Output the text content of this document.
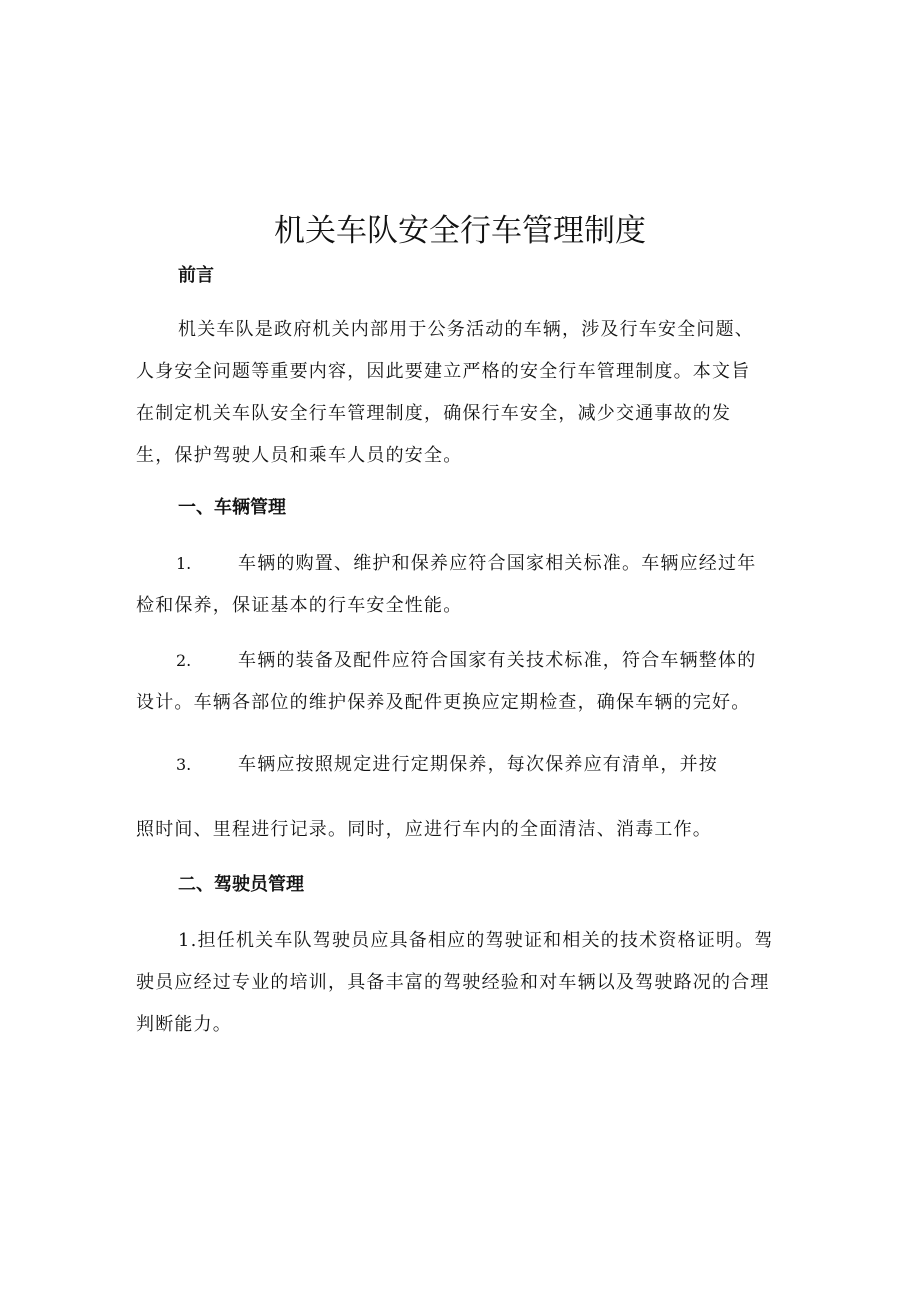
机关车队安全行车管理制度
前言
机关车队是政府机关内部用于公务活动的车辆，涉及行车安全问题、
人身安全问题等重要内容，因此要建立严格的安全行车管理制度。本文旨
在制定机关车队安全行车管理制度，确保行车安全，减少交通事故的发
生，保护驾驶人员和乘车人员的安全。
一、车辆管理
1.	车辆的购置、维护和保养应符合国家相关标准。车辆应经过年
检和保养，保证基本的行车安全性能。
2.	车辆的装备及配件应符合国家有关技术标准，符合车辆整体的
设计。车辆各部位的维护保养及配件更换应定期检查，确保车辆的完好。
3.	车辆应按照规定进行定期保养，每次保养应有清单，并按
照时间、里程进行记录。同时，应进行车内的全面清洁、消毒工作。
二、驾驶员管理
1.担任机关车队驾驶员应具备相应的驾驶证和相关的技术资格证明。驾
驶员应经过专业的培训，具备丰富的驾驶经验和对车辆以及驾驶路况的合理
判断能力。
